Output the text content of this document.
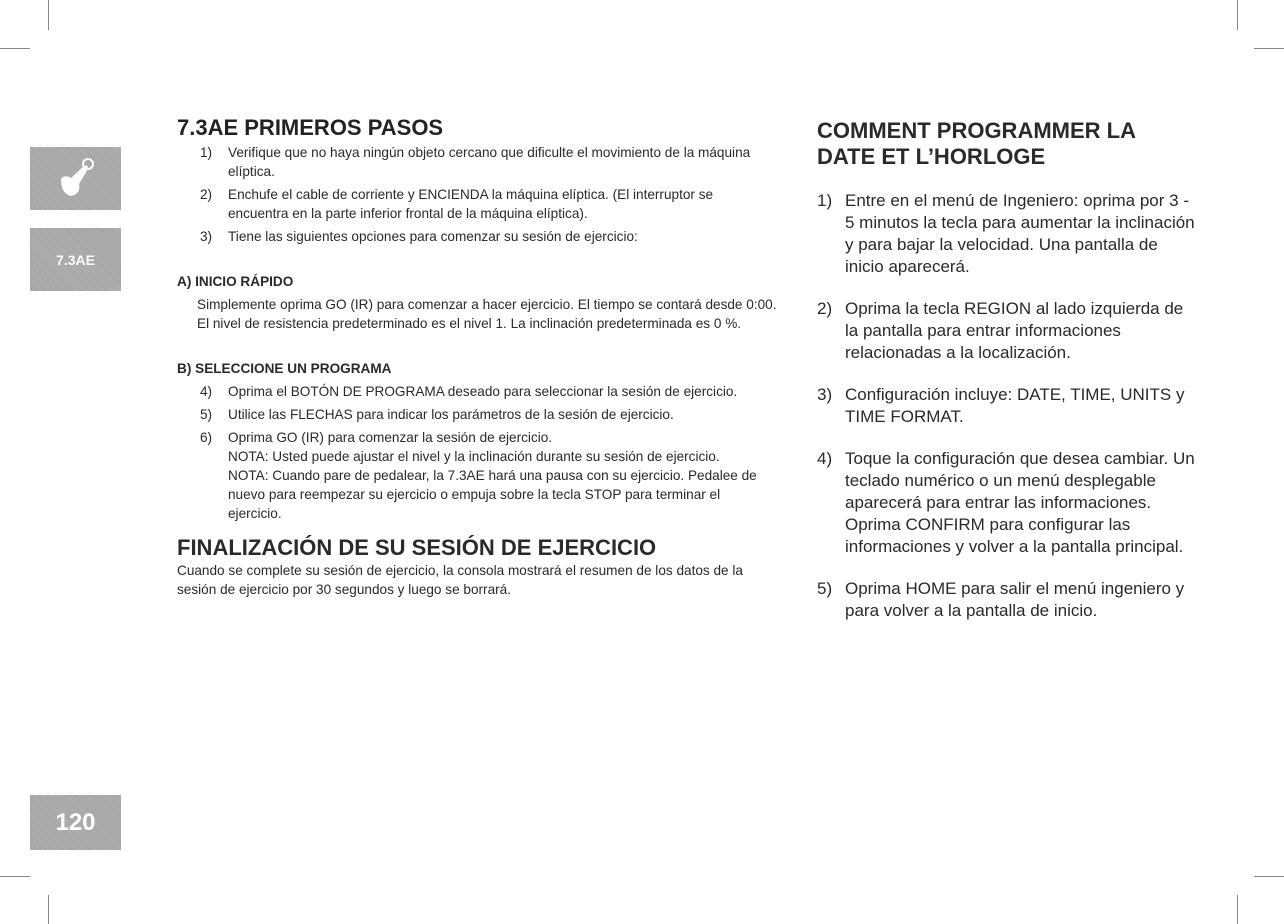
7.3AE
120
7.3AE PRIMEROS PASOS
1)	Verifique que no haya ningún objeto cercano que dificulte el movimiento de la máquina elíptica.
2)	Enchufe el cable de corriente y ENCIENDA la máquina elíptica. (El interruptor se encuentra en la parte inferior frontal de la máquina elíptica).
3)	Tiene las siguientes opciones para comenzar su sesión de ejercicio:
A) INICIO RÁPIDO
Simplemente oprima GO (IR) para comenzar a hacer ejercicio. El tiempo se contará desde 0:00.
El nivel de resistencia predeterminado es el nivel 1. La inclinación predeterminada es 0 %.
B) SELECCIONE UN PROGRAMA
4)	Oprima el BOTÓN DE PROGRAMA deseado para seleccionar la sesión de ejercicio.
5)	Utilice las FLECHAS para indicar los parámetros de la sesión de ejercicio.
6)	Oprima GO (IR) para comenzar la sesión de ejercicio.
NOTA: Usted puede ajustar el nivel y la inclinación durante su sesión de ejercicio.
NOTA: Cuando pare de pedalear, la 7.3AE hará una pausa con su ejercicio. Pedalee de nuevo para reempezar su ejercicio o empuja sobre la tecla STOP para terminar el ejercicio.
FINALIZACIÓN DE SU SESIÓN DE EJERCICIO
Cuando se complete su sesión de ejercicio, la consola mostrará el resumen de los datos de la sesión de ejercicio por 30 segundos y luego se borrará.
COMMENT PROGRAMMER LA DATE ET L’HORLOGE
1) Entre en el menú de Ingeniero: oprima por 3 - 5 minutos la tecla para aumentar la inclinación y para bajar la velocidad. Una pantalla de inicio aparecerá.
2) Oprima la tecla REGION al lado izquierda de la pantalla para entrar informaciones relacionadas a la localización.
3) Configuración incluye: DATE, TIME, UNITS y TIME FORMAT.
4) Toque la configuración que desea cambiar. Un teclado numérico o un menú desplegable aparecerá para entrar las informaciones. Oprima CONFIRM para configurar las informaciones y volver a la pantalla principal.
5) Oprima HOME para salir el menú ingeniero y para volver a la pantalla de inicio.
